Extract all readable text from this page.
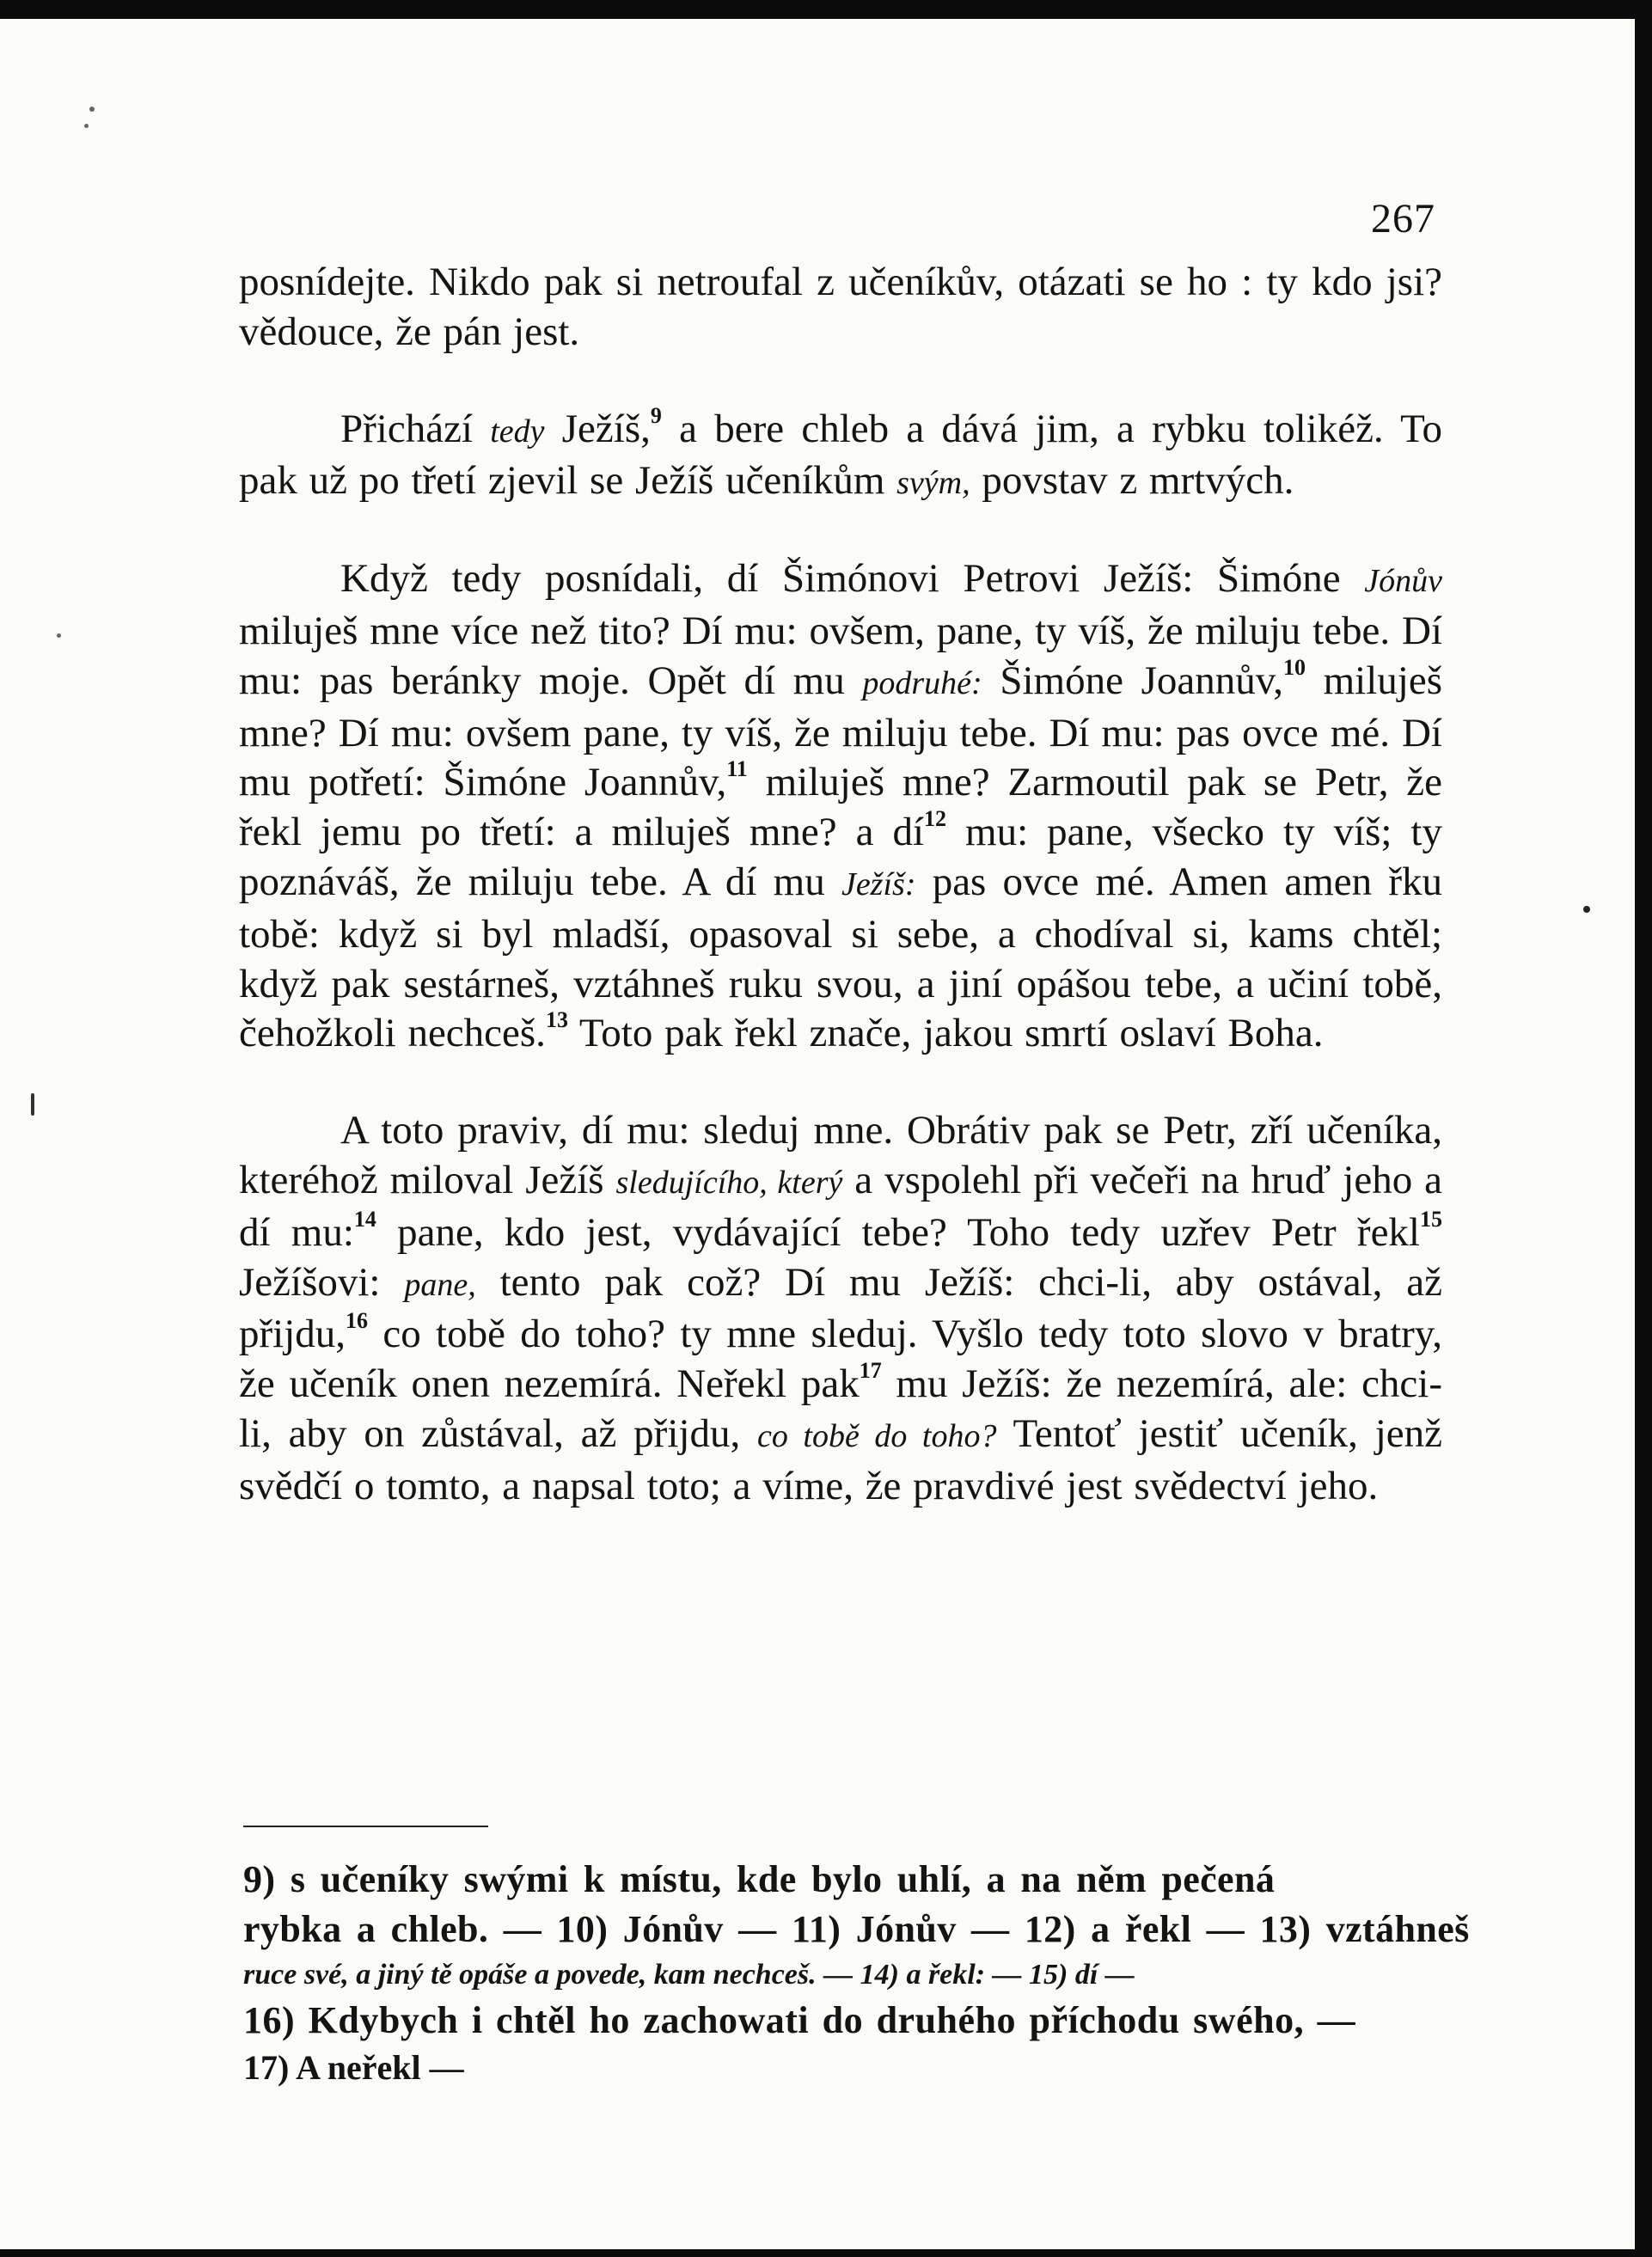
267

posnídejte. Nikdo pak si netroufal z učeníkův, otázati se ho : ty kdo jsi? vědouce, že pán jest.

Přichází tedy Ježíš,$^9$ a bere chleb a dává jim, a rybku tolikéž. To pak už po třetí zjevil se Ježíš učeníkům svým, povstav z mrtvých.

Když tedy posnídali, dí Šimónovi Petrovi Ježíš: Šimóne Jónův miluješ mne více než tito? Dí mu: ovšem, pane, ty víš, že miluju tebe. Dí mu: pas beránky moje. Opět dí mu podruhé: Šimóne Joannův,$^{10}$ miluješ mne? Dí mu: ovšem pane, ty víš, že miluju tebe. Dí mu: pas ovce mé. Dí mu potřetí: Šimóne Joannův,$^{11}$ miluješ mne? Zarmoutil pak se Petr, že řekl jemu po třetí: a miluješ mne? a $dí^{12}$ mu: pane, všecko ty víš; ty poznáváš, že miluju tebe. A dí mu Ježíš: pas ovce mé. Amen amen řku tobě: když si byl mladší, opasoval si sebe, a chodíval si, kams chtěl; když pak sestárneš, vztáhneš ruku svou, a jiní opášou tebe, a učiní tobě, čehožkoli nechceš.$^{13}$ Toto pak řekl znače, jakou smrtí oslaví Boha.

A toto praviv, dí mu: sleduj mne. Obrátiv pak se Petr, zří učeníka, kteréhož miloval Ježíš sledujícího, který a vspolehl při večeři na hruď jeho a dí mu:$^{14}$ pane, kdo jest, vydávající tebe? Toho tedy uzřev Petr řekl$^{15}$ Ježíšovi: pane, tento pak což? Dí mu Ježíš: chci-li, aby ostával, až přijdu,$^{16}$ co tobě do toho? ty mne sleduj. Vyšlo tedy toto slovo v bratry, že učeník onen nezemírá. Neřekl pak$^{17}$ mu Ježíš: že nezemírá, ale: chci-li, aby on zůstával, až přijdu, co tobě do toho? Tentoť jestiť učeník, jenž svědčí o tomto, a napsal toto; a víme, že pravdivé jest svědectví jeho.

9) s učeníky swými k místu, kde bylo uhlí, a na něm pečená
rybka a chleb. — 10) Jónův — 11) Jónův — 12) a řekl — 13) vztáhneš
ruce své, a jiný tě opáše a povede, kam nechceš. — 14) a řekl: — 15) dí —
16) Kdybych i chtěl ho zachowati do druhého příchodu swého, —
17) A neřekl —
